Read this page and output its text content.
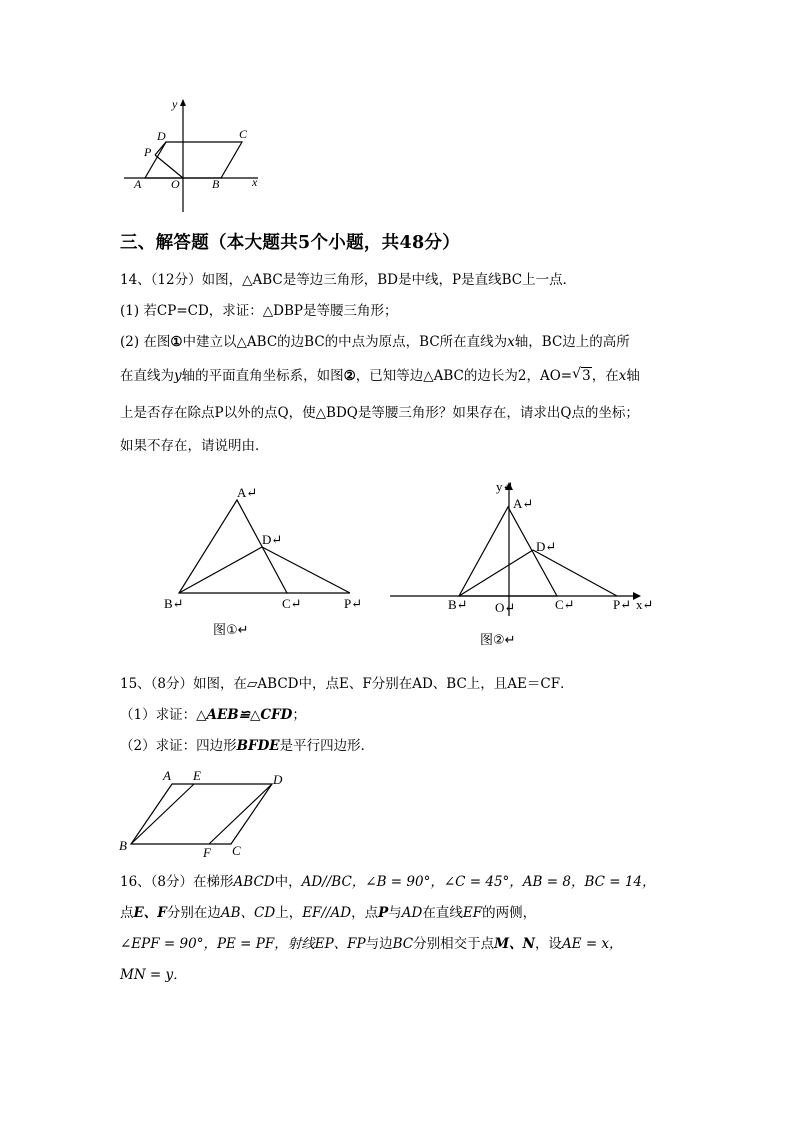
y
D	C
P
A O	B	x
三、解答题（本大题共5个小题，共48分）
14、（12分）如图，△ABC是等边三角形，BD是中线，P是直线BC上一点．
(1) 若CP=CD，求证：△DBP是等腰三角形；
(2) 在图①中建立以△ABC的边BC的中点为原点，BC所在直线为x轴，BC边上的高所
在直线为y轴的平面直角坐标系，如图②，已知等边△ABC的边长为2，AO= √ 3，在x轴
上是否存在除点P以外的点Q，使△BDQ是等腰三角形？如果存在，请求出Q点的坐标；
如果不存在，请说明由．
A↵
D↵
B↵	C↵	P↵
图①↵
y↵
A↵
D↵
B↵ O↵	C↵	P↵ x↵
图②↵
15、（8分）如图，在▱ABCD中，点E、F分别在AD、BC上，且AE＝CF．
（1）求证：△AEB≌△CFD；
（2）求证：四边形BFDE是平行四边形．
A E	D
B	F C
16、（8分）在梯形ABCD中，AD//BC，∠B = 90°，∠C = 45°，AB = 8，BC = 14，
点E、F分别在边AB、CD上，EF//AD，点P与AD在直线EF的两侧，
∠EPF = 90°，PE = PF，射线EP、FP与边BC分别相交于点M、N，设AE = x，
MN = y．
